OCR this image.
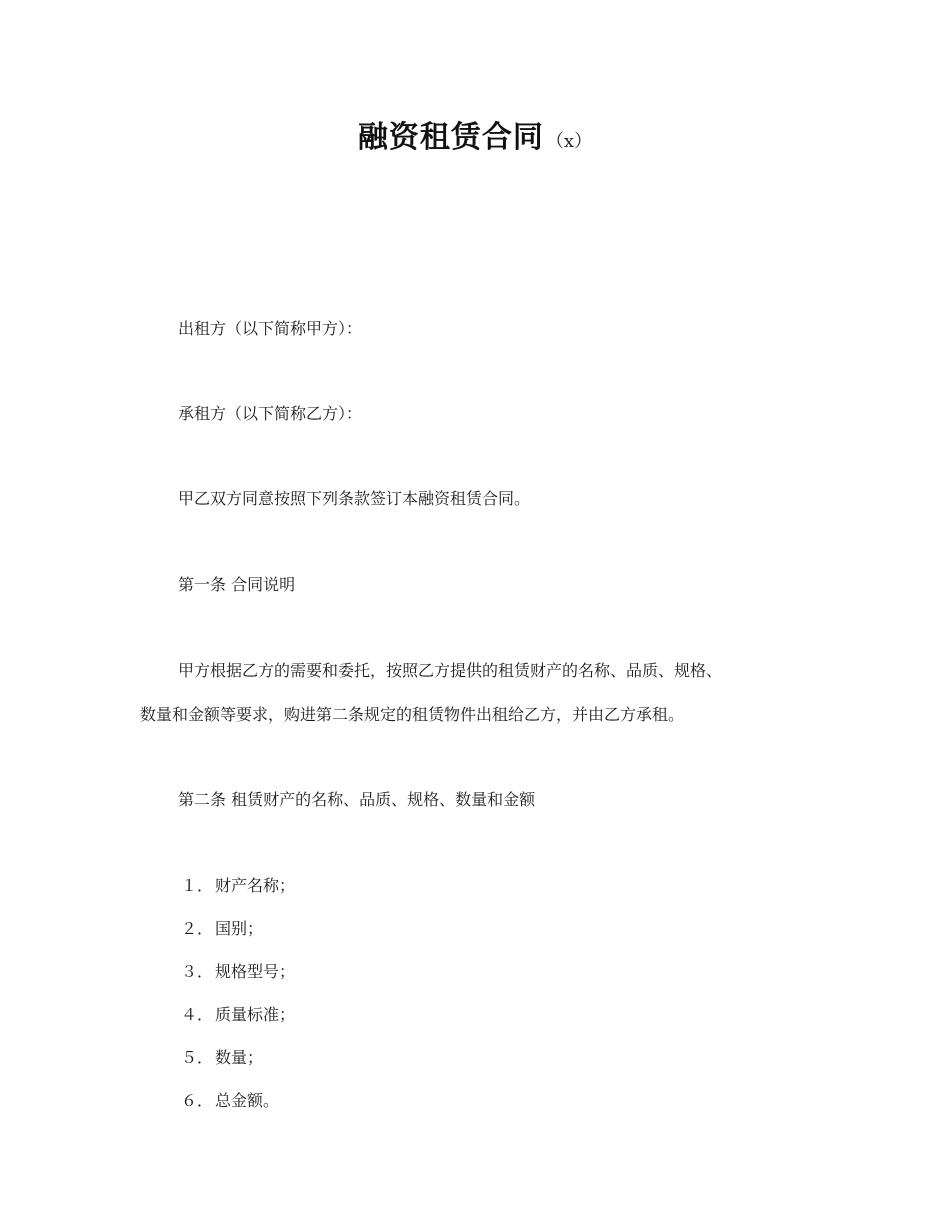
融资租赁合同 （x）
出租方（以下简称甲方）：
承租方（以下简称乙方）：
甲乙双方同意按照下列条款签订本融资租赁合同。
第一条 合同说明
甲方根据乙方的需要和委托，按照乙方提供的租赁财产的名称、品质、规格、
数量和金额等要求，购进第二条规定的租赁物件出租给乙方，并由乙方承租。
第二条 租赁财产的名称、品质、规格、数量和金额
１． 财产名称；
２． 国别；
３． 规格型号；
４． 质量标准；
５． 数量；
６． 总金额。
